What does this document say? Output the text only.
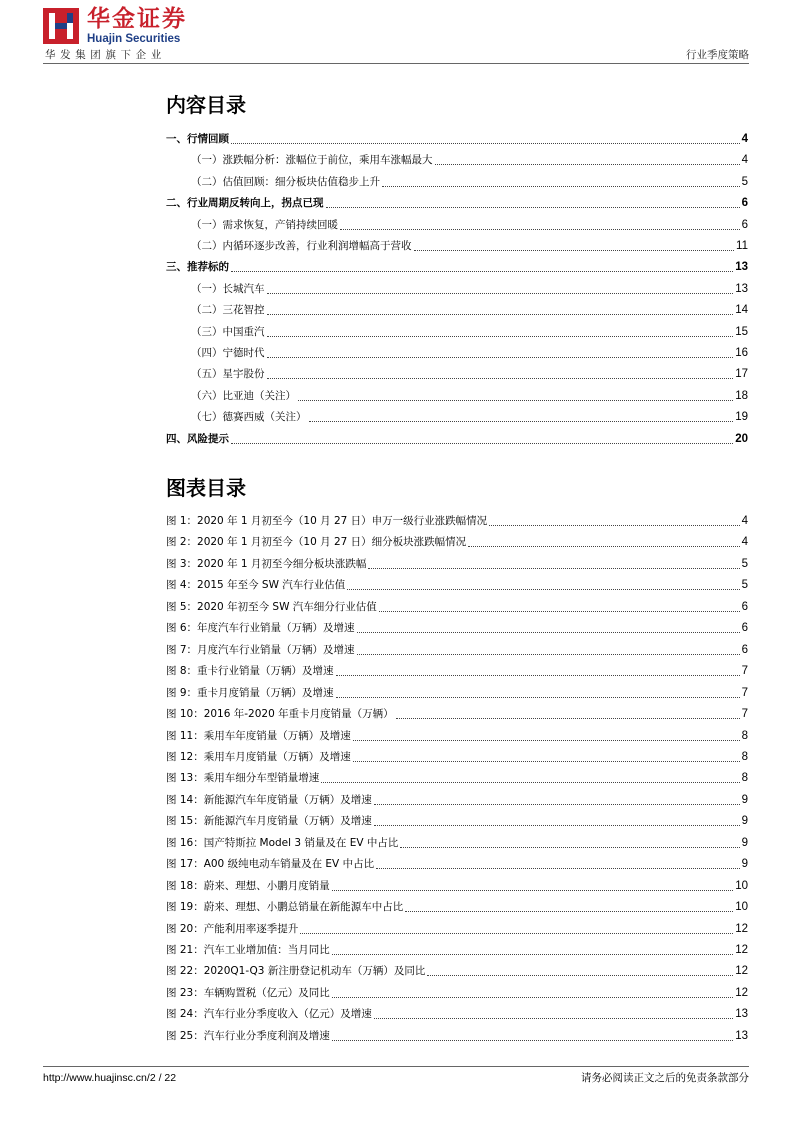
华金证券
Huajin Securities
华发集团旗下企业	行业季度策略
内容目录
一、行情回顾	4
（一）涨跌幅分析：涨幅位于前位，乘用车涨幅最大	4
（二）估值回顾：细分板块估值稳步上升	5
二、行业周期反转向上，拐点已现	6
（一）需求恢复，产销持续回暖	6
（二）内循环逐步改善，行业利润增幅高于营收	11
三、推荐标的	13
（一）长城汽车	13
（二）三花智控	14
（三）中国重汽	15
（四）宁德时代	16
（五）星宇股份	17
（六）比亚迪（关注）	18
（七）德赛西威（关注）	19
四、风险提示	20
图表目录
图 1：2020 年 1 月初至今（10 月 27 日）申万一级行业涨跌幅情况	4
图 2：2020 年 1 月初至今（10 月 27 日）细分板块涨跌幅情况	4
图 3：2020 年 1 月初至今细分板块涨跌幅	5
图 4：2015 年至今 SW 汽车行业估值	5
图 5：2020 年初至今 SW 汽车细分行业估值	6
图 6：年度汽车行业销量（万辆）及增速	6
图 7：月度汽车行业销量（万辆）及增速	6
图 8：重卡行业销量（万辆）及增速	7
图 9：重卡月度销量（万辆）及增速	7
图 10：2016 年-2020 年重卡月度销量（万辆）	7
图 11：乘用车年度销量（万辆）及增速	8
图 12：乘用车月度销量（万辆）及增速	8
图 13：乘用车细分车型销量增速	8
图 14：新能源汽车年度销量（万辆）及增速	9
图 15：新能源汽车月度销量（万辆）及增速	9
图 16：国产特斯拉 Model 3 销量及在 EV 中占比	9
图 17：A00 级纯电动车销量及在 EV 中占比	9
图 18：蔚来、理想、小鹏月度销量	10
图 19：蔚来、理想、小鹏总销量在新能源车中占比	10
图 20：产能利用率逐季提升	12
图 21：汽车工业增加值：当月同比	12
图 22：2020Q1-Q3 新注册登记机动车（万辆）及同比	12
图 23：车辆购置税（亿元）及同比	12
图 24：汽车行业分季度收入（亿元）及增速	13
图 25：汽车行业分季度利润及增速	13
http://www.huajinsc.cn/2 / 22	请务必阅读正文之后的免责条款部分
